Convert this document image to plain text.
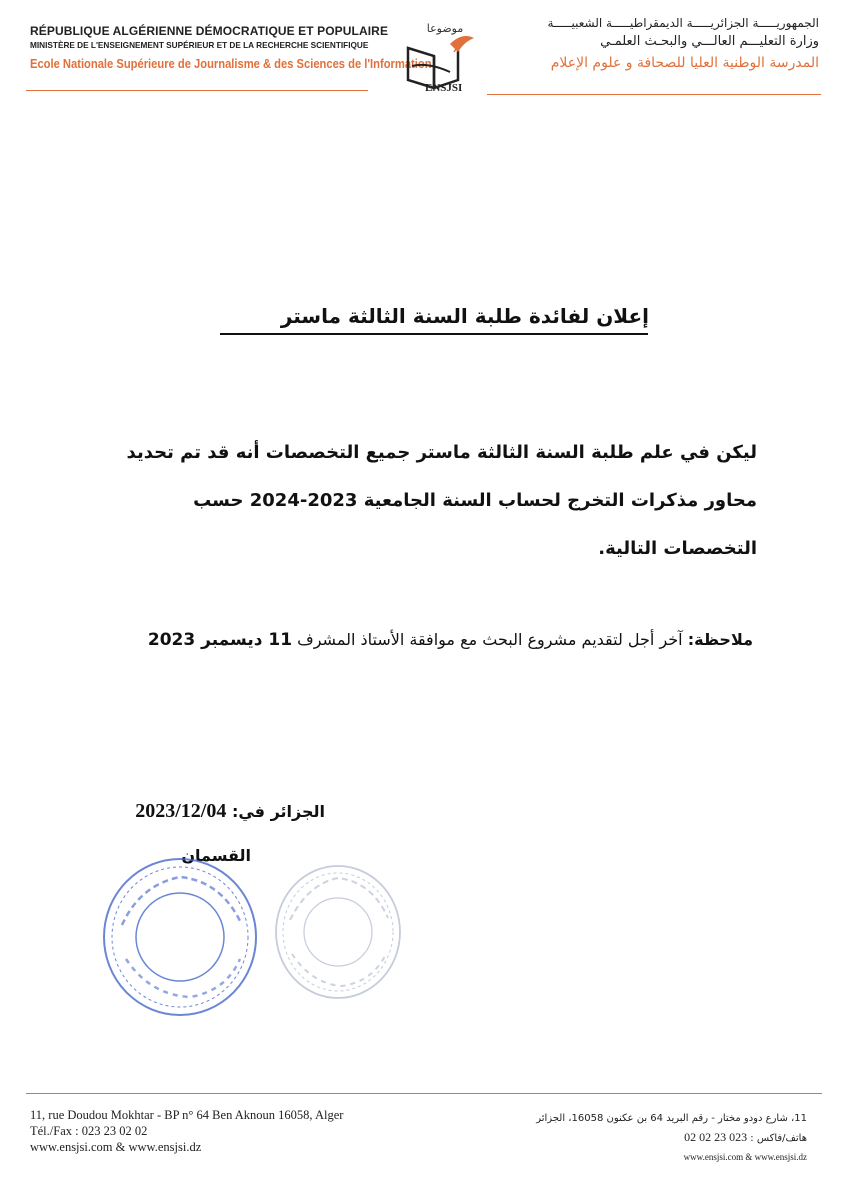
RÉPUBLIQUE ALGÉRIENNE DÉMOCRATIQUE ET POPULAIRE
MINISTÈRE DE L'ENSEIGNEMENT SUPÉRIEUR ET DE LA RECHERCHE SCIENTIFIQUE
Ecole Nationale Supérieure de Journalisme & des Sciences de l'Information
موضوعا
ENSJSI
الجمهوريـــــة الجزائريـــــة الديمقراطيـــــة الشعبيـــــة
وزارة التعليـــم العالـــي والبحـث العلمـي
المدرسة الوطنية العليا للصحافة و علوم الإعلام
إعلان لفائدة طلبة السنة الثالثة ماستر
ليكن في علم طلبة السنة الثالثة ماستر جميع التخصصات أنه قد تم تحديد
محاور مذكرات التخرج لحساب السنة الجامعية 2023-2024 حسب
التخصصات التالية.
ملاحظة: آخر أجل لتقديم مشروع البحث مع موافقة الأستاذ المشرف 11 ديسمبر 2023
الجزائر في: 2023/12/04
القسمان
11, rue Doudou Mokhtar - BP n° 64 Ben Aknoun 16058, Alger
Tél./Fax : 023 23 02 02
www.ensjsi.com & www.ensjsi.dz
11، شارع دودو مختار - رقم البريد 64 بن عكنون 16058، الجزائر
هاتف/فاكس : 023 23 02 02
www.ensjsi.com & www.ensjsi.dz
